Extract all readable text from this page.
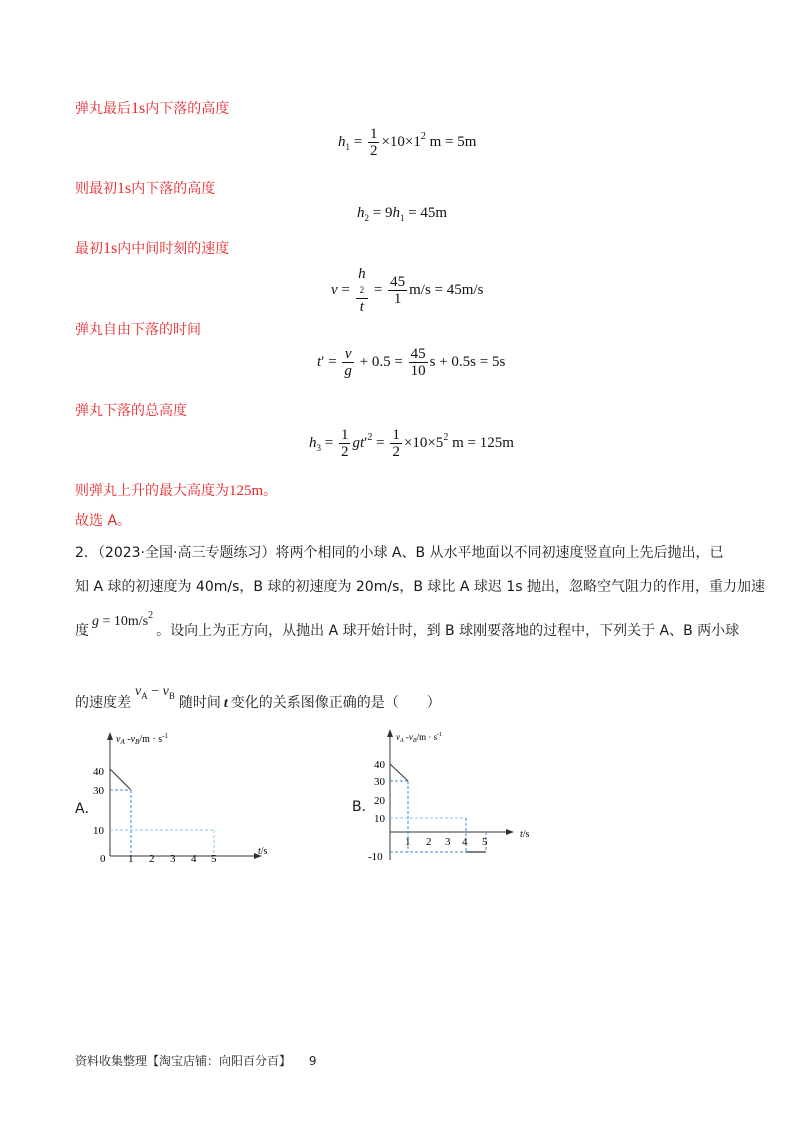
弹丸最后1s内下落的高度
$h_1 = \frac{1}{2} \times 10\times 1^2$ m = 5m
则最初1s内下落的高度
$h_2 = 9h_1 = 45m$
最初1s内中间时刻的速度
v = h
2
$t = \frac{45}{1} m/s = 45m/s$
弹丸自由下落的时间
$t' = \frac{v}{g} + 0.5 = \frac{45}{10}$ s + 0.5s = 5s
弹丸下落的总高度
$h_3 = \frac{1}{2} gt'^2 = \frac{1}{2} \times 10\times 5^2$ m = 125m
则弹丸上升的最大高度为125m。
故选 A。
2．（2023·全国·高三专题练习）将两个相同的小球 A、B 从水平地面以不同初速度竖直向上先后抛出，已
知 A 球的初速度为 40m/s，B 球的初速度为 20m/s，B 球比 A 球迟 1s 抛出，忽略空气阻力的作用，重力加速
度$g = 10m/s^2$。设向上为正方向，从抛出 A 球开始计时，到 B 球刚要落地的过程中，下列关于 A、B 两小球
的速度差$v_A - v_B$ 随时间 t 变化的关系图像正确的是（　　）
A．
$v_A$ $-v_B/m \cdot s^{-1}$
t/s
40
30
10
0 1 2 3 4 5
B．
$v_A$ $-v_B/m \cdot s^{-1}$
t/s
40
30
20
10
-10
1 2 3 4 5
资料收集整理【淘宝店铺：向阳百分百】 9
